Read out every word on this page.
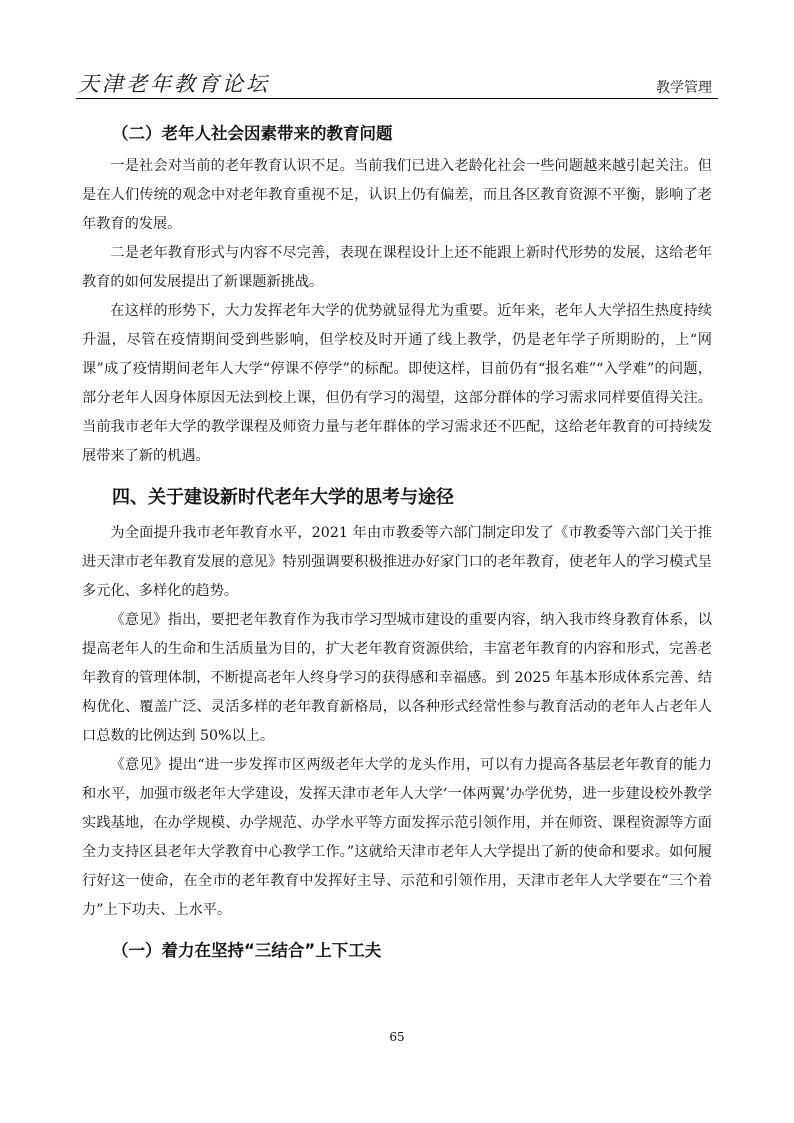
天津老年教育论坛	教学管理
（二）老年人社会因素带来的教育问题

一是社会对当前的老年教育认识不足。当前我们已进入老龄化社会一些问题越来越引起关注。但是在人们传统的观念中对老年教育重视不足，认识上仍有偏差，而且各区教育资源不平衡，影响了老年教育的发展。

二是老年教育形式与内容不尽完善，表现在课程设计上还不能跟上新时代形势的发展，这给老年教育的如何发展提出了新课题新挑战。

在这样的形势下，大力发挥老年大学的优势就显得尤为重要。近年来，老年人大学招生热度持续升温，尽管在疫情期间受到些影响，但学校及时开通了线上教学，仍是老年学子所期盼的，上“网课”成了疫情期间老年人大学“停课不停学”的标配。即使这样，目前仍有“报名难”“入学难”的问题，部分老年人因身体原因无法到校上课，但仍有学习的渴望，这部分群体的学习需求同样要值得关注。当前我市老年大学的教学课程及师资力量与老年群体的学习需求还不匹配，这给老年教育的可持续发展带来了新的机遇。

四、关于建设新时代老年大学的思考与途径

为全面提升我市老年教育水平，2021 年由市教委等六部门制定印发了《市教委等六部门关于推进天津市老年教育发展的意见》特别强调要积极推进办好家门口的老年教育，使老年人的学习模式呈多元化、多样化的趋势。

《意见》指出，要把老年教育作为我市学习型城市建设的重要内容，纳入我市终身教育体系，以提高老年人的生命和生活质量为目的，扩大老年教育资源供给，丰富老年教育的内容和形式，完善老年教育的管理体制，不断提高老年人终身学习的获得感和幸福感。到 2025 年基本形成体系完善、结构优化、覆盖广泛、灵活多样的老年教育新格局，以各种形式经常性参与教育活动的老年人占老年人口总数的比例达到 50%以上。

《意见》提出“进一步发挥市区两级老年大学的龙头作用，可以有力提高各基层老年教育的能力和水平，加强市级老年大学建设，发挥天津市老年人大学‘一体两翼’办学优势，进一步建设校外教学实践基地，在办学规模、办学规范、办学水平等方面发挥示范引领作用，并在师资、课程资源等方面全力支持区县老年大学教育中心教学工作。”这就给天津市老年人大学提出了新的使命和要求。如何履行好这一使命，在全市的老年教育中发挥好主导、示范和引领作用，天津市老年人大学要在“三个着力”上下功夫、上水平。

（一）着力在坚持“三结合”上下工夫
65
